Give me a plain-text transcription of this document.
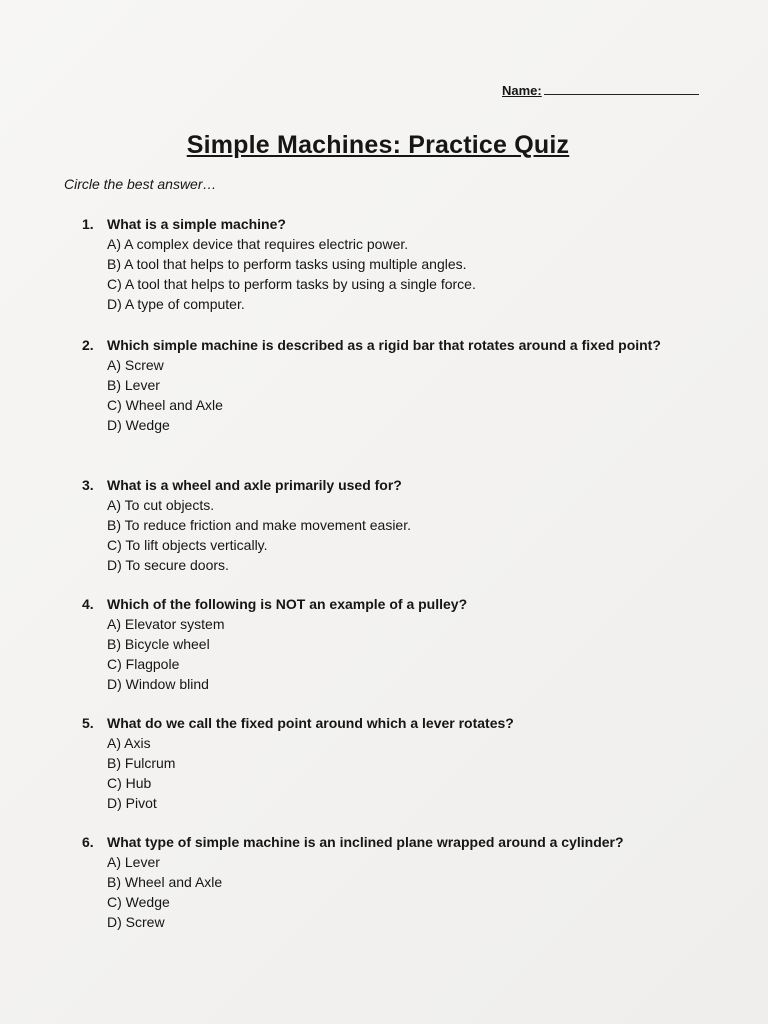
Name:
Simple Machines: Practice Quiz
Circle the best answer…
1. What is a simple machine?
A) A complex device that requires electric power.
B) A tool that helps to perform tasks using multiple angles.
C) A tool that helps to perform tasks by using a single force.
D) A type of computer.
2. Which simple machine is described as a rigid bar that rotates around a fixed point?
A) Screw
B) Lever
C) Wheel and Axle
D) Wedge
3. What is a wheel and axle primarily used for?
A) To cut objects.
B) To reduce friction and make movement easier.
C) To lift objects vertically.
D) To secure doors.
4. Which of the following is NOT an example of a pulley?
A) Elevator system
B) Bicycle wheel
C) Flagpole
D) Window blind
5. What do we call the fixed point around which a lever rotates?
A) Axis
B) Fulcrum
C) Hub
D) Pivot
6. What type of simple machine is an inclined plane wrapped around a cylinder?
A) Lever
B) Wheel and Axle
C) Wedge
D) Screw
